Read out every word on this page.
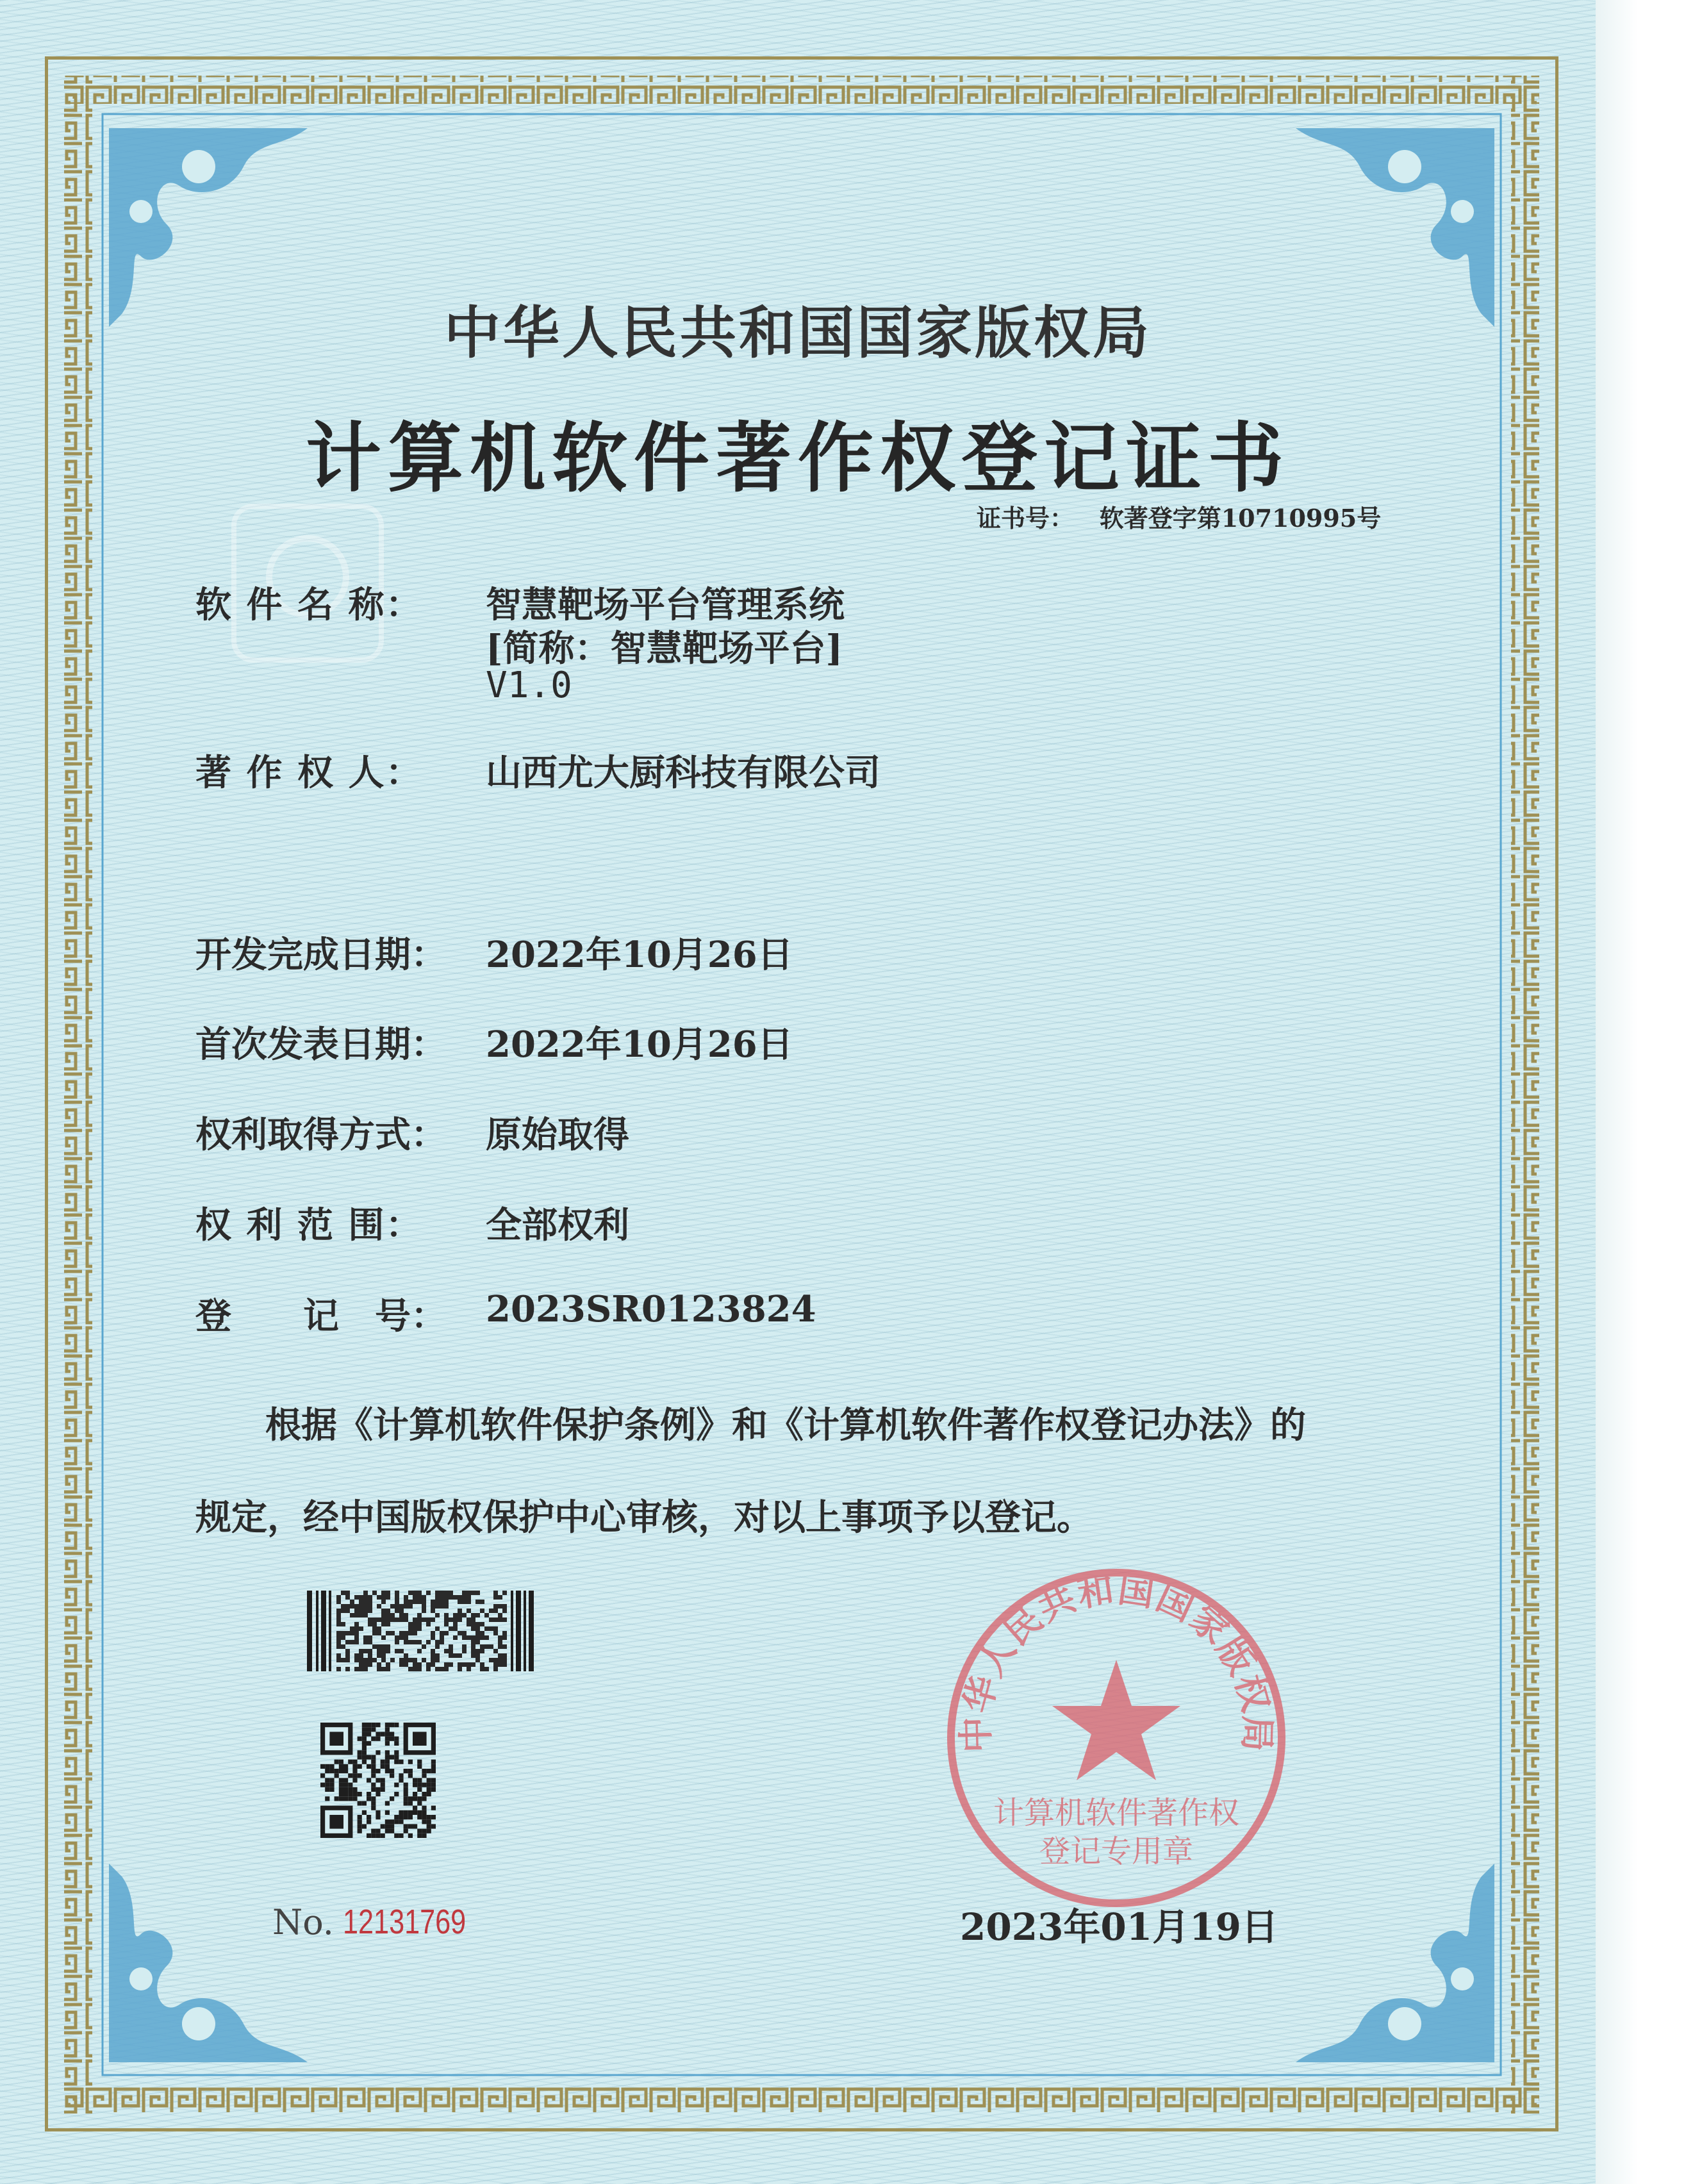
中华人民共和国国家版权局
计算机软件著作权登记证书
证书号： 软著登字第10710995号
软 件 名 称： 智慧靶场平台管理系统
[简称：智慧靶场平台]
V1.0
著 作 权 人： 山西尤大厨科技有限公司
开发完成日期： 2022年10月26日
首次发表日期： 2022年10月26日
权利取得方式： 原始取得
权 利 范 围： 全部权利
登　　记　号： 2023SR0123824
根据《计算机软件保护条例》和《计算机软件著作权登记办法》的
规定，经中国版权保护中心审核，对以上事项予以登记。
No. 12131769
中华人民共和国国家版权局
计算机软件著作权
登记专用章
2023年01月19日
